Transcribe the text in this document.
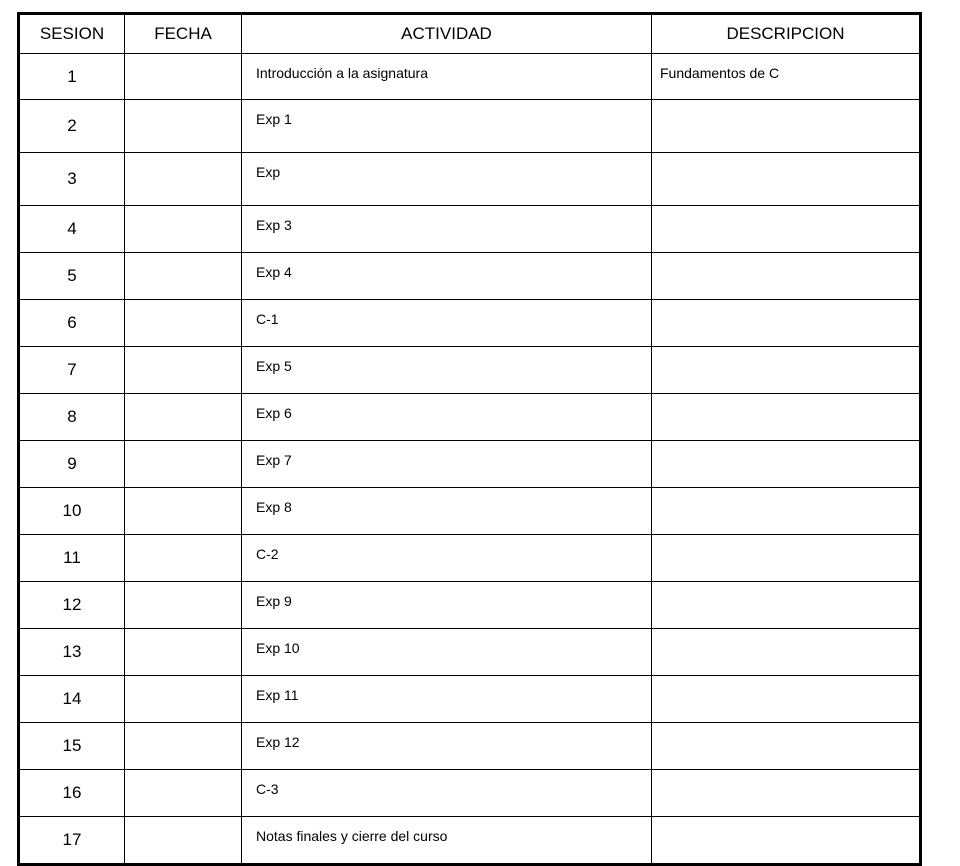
SESION	FECHA	ACTIVIDAD	DESCRIPCION
1		Introducción a la asignatura	Fundamentos de C
2		Exp 1	
3		Exp	
4		Exp 3	
5		Exp 4	
6		C-1	
7		Exp 5	
8		Exp 6	
9		Exp 7	
10		Exp 8	
11		C-2	
12		Exp 9	
13		Exp 10	
14		Exp 11	
15		Exp 12	
16		C-3	
17		Notas finales y cierre del curso	
